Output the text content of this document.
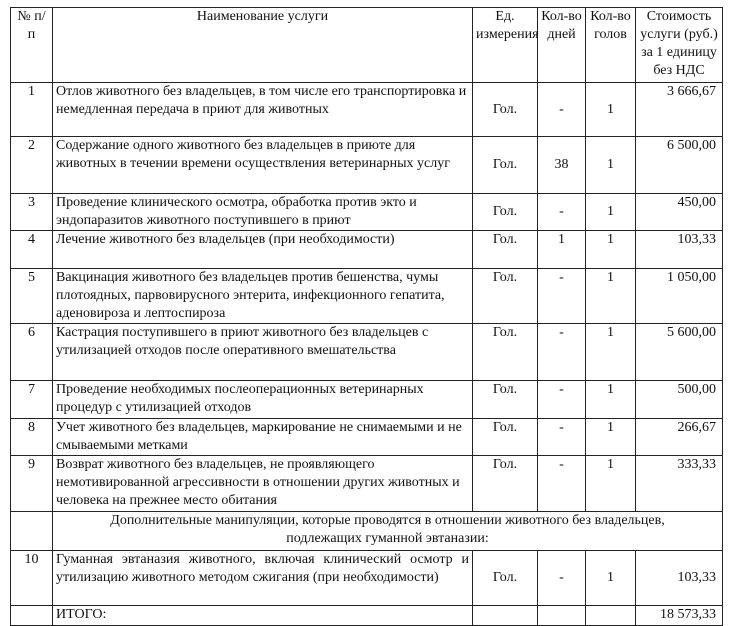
№ п/п	Наименование услуги	Ед. измерения	Кол-во дней	Кол-во голов	Стоимость услуги (руб.) за 1 единицу без НДС
1	Отлов животного без владельцев, в том числе его транспортировка и немедленная передача в приют для животных	Гол.	-	1	3 666,67
2	Содержание одного животного без владельцев в приюте для животных в течении времени осуществления ветеринарных услуг	Гол.	38	1	6 500,00
3	Проведение клинического осмотра, обработка против экто и эндопаразитов животного поступившего в приют	Гол.	-	1	450,00
4	Лечение животного без владельцев (при необходимости)	Гол.	1	1	103,33
5	Вакцинация животного без владельцев против бешенства, чумы плотоядных, парвовирусного энтерита, инфекционного гепатита, аденовироза и лептоспироза	Гол.	-	1	1 050,00
6	Кастрация поступившего в приют животного без владельцев с утилизацией отходов после оперативного вмешательства	Гол.	-	1	5 600,00
7	Проведение необходимых послеоперационных ветеринарных процедур с утилизацией отходов	Гол.	-	1	500,00
8	Учет животного без владельцев, маркирование не снимаемыми и не смываемыми метками	Гол.	-	1	266,67
9	Возврат животного без владельцев, не проявляющего немотивированной агрессивности в отношении других животных и человека на прежнее место обитания	Гол.	-	1	333,33
	Дополнительные манипуляции, которые проводятся в отношении животного без владельцев, подлежащих гуманной эвтаназии:				
10	Гуманная эвтаназия животного, включая клинический осмотр и утилизацию животного методом сжигания (при необходимости)	Гол.	-	1	103,33
	ИТОГО:				18 573,33
